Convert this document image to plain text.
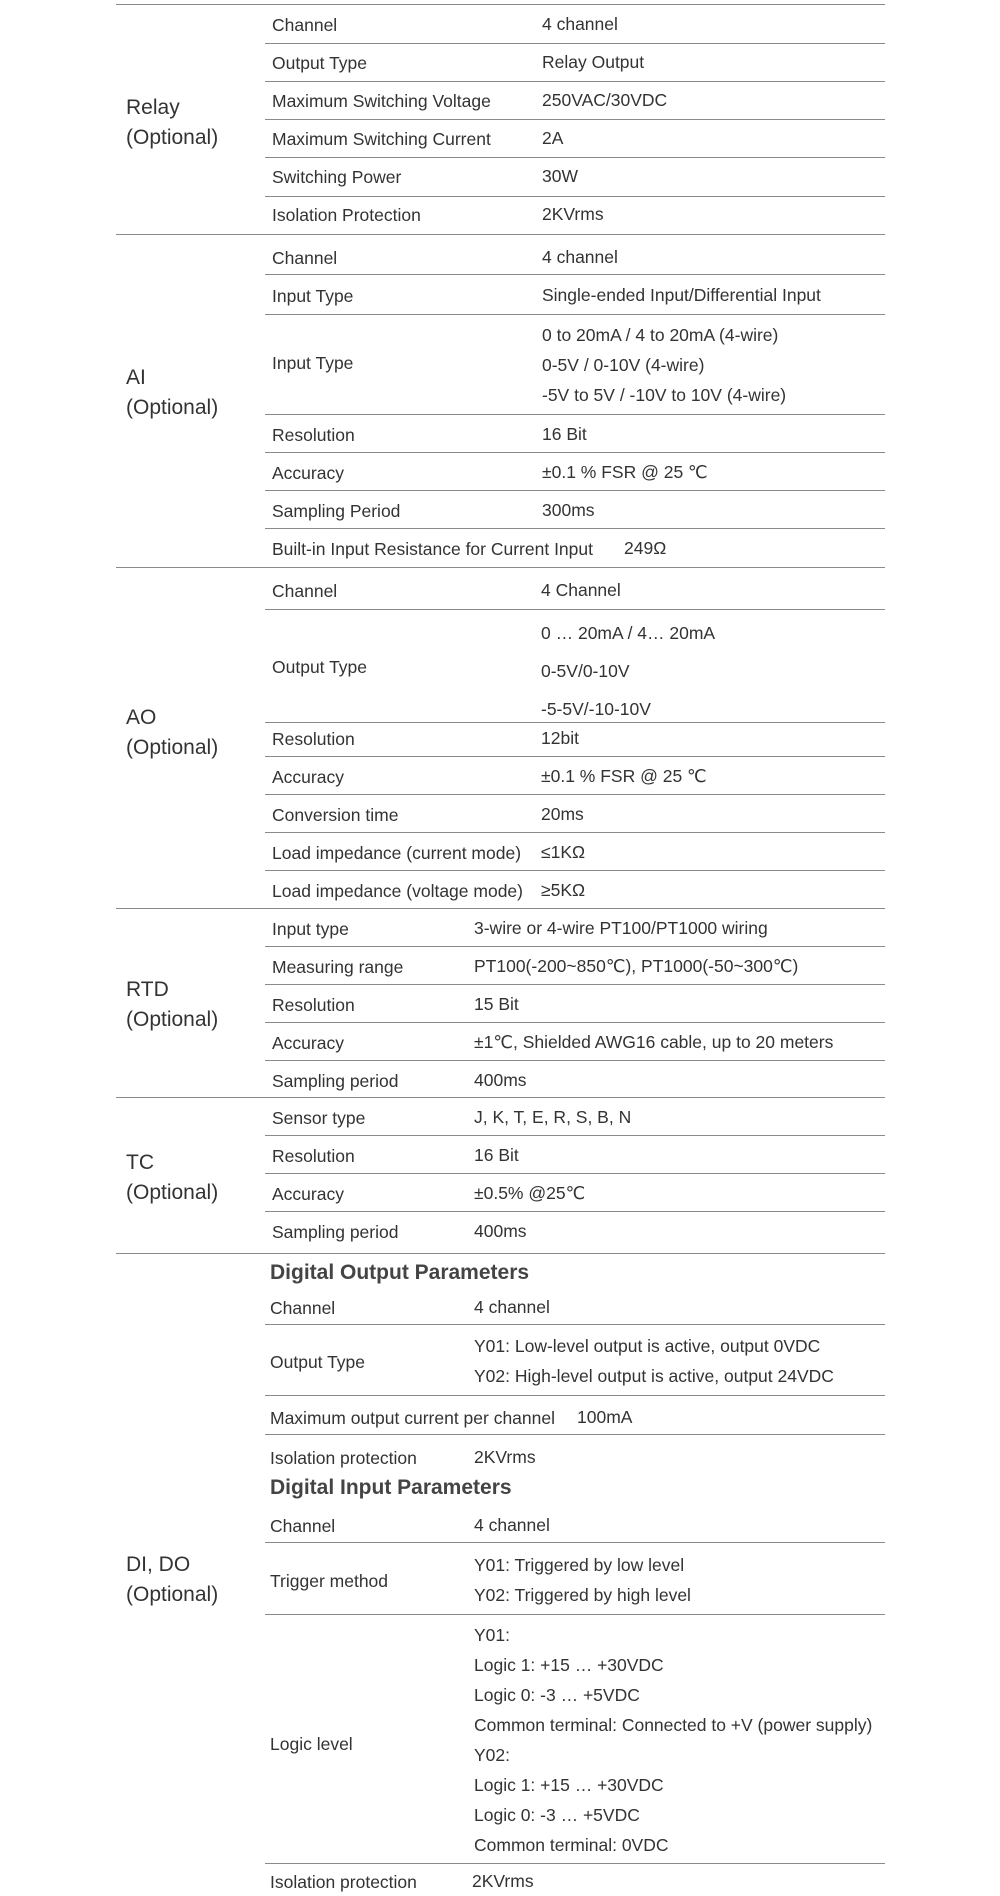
Relay
(Optional)
Channel	4 channel
Output Type	Relay Output
Maximum Switching Voltage	250VAC/30VDC
Maximum Switching Current	2A
Switching Power	30W
Isolation Protection	2KVrms
AI
(Optional)
Channel	4 channel
Input Type	Single-ended Input/Differential Input
Input Type
0 to 20mA / 4 to 20mA (4-wire)
0-5V / 0-10V (4-wire)
-5V to 5V / -10V to 10V (4-wire)
Resolution	16 Bit
Accuracy	±0.1 % FSR @ 25 ℃
Sampling Period	300ms
Built-in Input Resistance for Current Input 249Ω
AO
(Optional)
Channel	4 Channel
Output Type
0 … 20mA / 4… 20mA
0-5V/0-10V
-5-5V/-10-10V
Resolution	12bit
Accuracy	±0.1 % FSR @ 25 ℃
Conversion time	20ms
Load impedance (current mode) ≤1KΩ
Load impedance (voltage mode) ≥5KΩ
RTD
(Optional)
Input type	3-wire or 4-wire PT100/PT1000 wiring
Measuring range	PT100(-200~850℃), PT1000(-50~300℃)
Resolution	15 Bit
Accuracy	±1℃, Shielded AWG16 cable, up to 20 meters
Sampling period	400ms
TC
(Optional)
Sensor type	J, K, T, E, R, S, B, N
Resolution	16 Bit
Accuracy	±0.5% @25℃
Sampling period	400ms
DI, DO
(Optional)
Digital Output Parameters
Channel	4 channel
Output Type
Y01: Low-level output is active, output 0VDC
Y02: High-level output is active, output 24VDC
Maximum output current per channel 100mA
Isolation protection	2KVrms
Digital Input Parameters
Channel	4 channel
Trigger method
Y01: Triggered by low level
Y02: Triggered by high level
Logic level
Y01:
Logic 1: +15 … +30VDC
Logic 0: -3 … +5VDC
Common terminal: Connected to +V (power supply)
Y02:
Logic 1: +15 … +30VDC
Logic 0: -3 … +5VDC
Common terminal: 0VDC
Isolation protection	2KVrms
